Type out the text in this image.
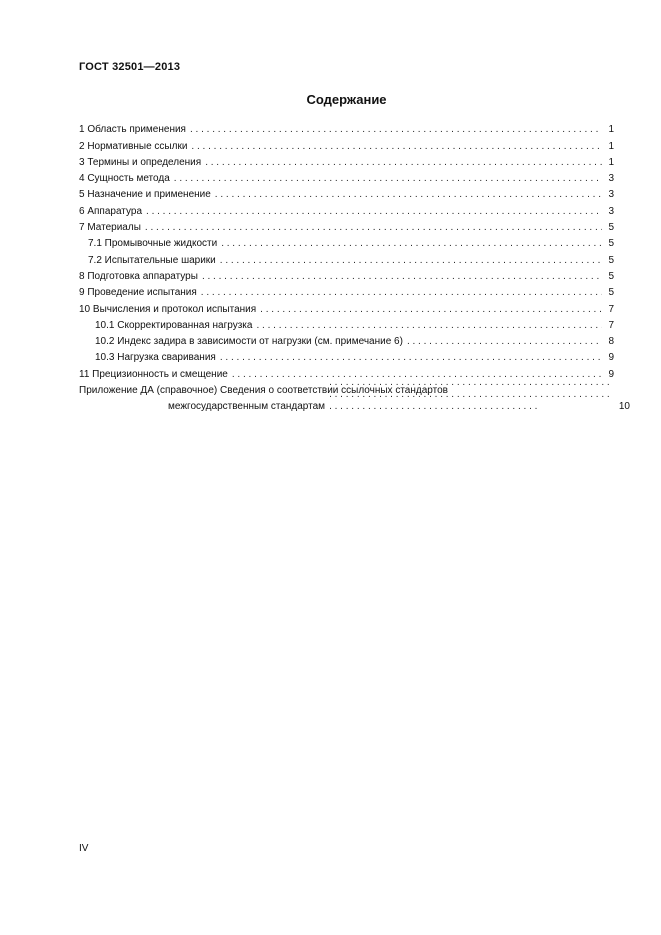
ГОСТ 32501—2013
Содержание
1 Область применения . . .	1
2 Нормативные ссылки . . .	1
3 Термины и определения . . .	1
4 Сущность метода . . .	3
5 Назначение и применение . . .	3
6 Аппаратура . . .	3
7 Материалы . . .	5
7.1 Промывочные жидкости . . .	5
7.2 Испытательные шарики . . .	5
8 Подготовка аппаратуры . . .	5
9 Проведение испытания . . .	5
10 Вычисления и протокол испытания . . .	7
10.1 Скорректированная нагрузка . . .	7
10.2 Индекс задира в зависимости от нагрузки (см. примечание 6) . . .	8
10.3 Нагрузка сваривания . . .	9
11 Прецизионность и смещение . . .	9
Приложение ДА (справочное) Сведения о соответствии ссылочных стандартов
межгосударственным стандартам . . .	10
IV
